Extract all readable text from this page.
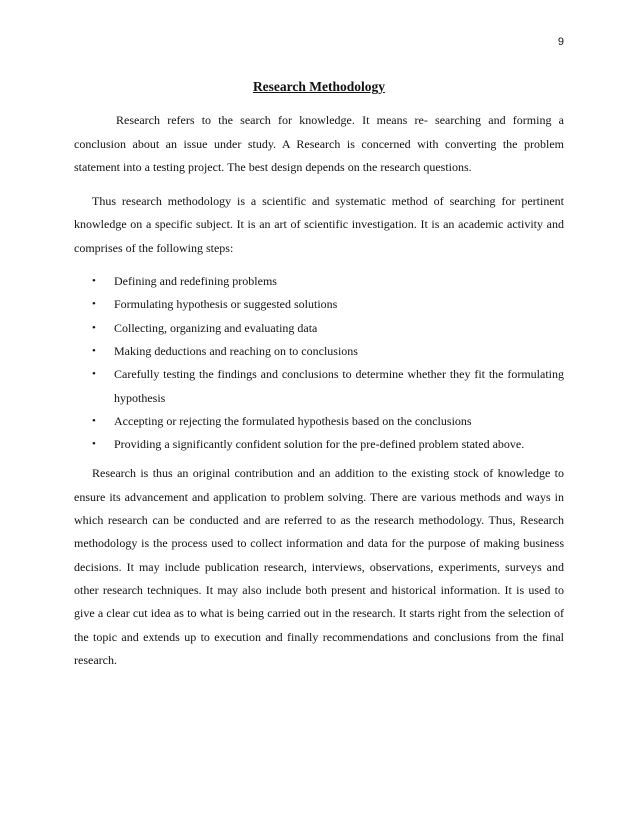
9
Research Methodology

Research refers to the search for knowledge. It means re- searching and forming a conclusion about an issue under study. A Research is concerned with converting the problem statement into a testing project. The best design depends on the research questions.

Thus research methodology is a scientific and systematic method of searching for pertinent knowledge on a specific subject. It is an art of scientific investigation. It is an academic activity and comprises of the following steps:

• Defining and redefining problems
• Formulating hypothesis or suggested solutions
• Collecting, organizing and evaluating data
• Making deductions and reaching on to conclusions
• Carefully testing the findings and conclusions to determine whether they fit the formulating hypothesis
• Accepting or rejecting the formulated hypothesis based on the conclusions
• Providing a significantly confident solution for the pre-defined problem stated above.

Research is thus an original contribution and an addition to the existing stock of knowledge to ensure its advancement and application to problem solving. There are various methods and ways in which research can be conducted and are referred to as the research methodology. Thus, Research methodology is the process used to collect information and data for the purpose of making business decisions. It may include publication research, interviews, observations, experiments, surveys and other research techniques. It may also include both present and historical information. It is used to give a clear cut idea as to what is being carried out in the research. It starts right from the selection of the topic and extends up to execution and finally recommendations and conclusions from the final research.
